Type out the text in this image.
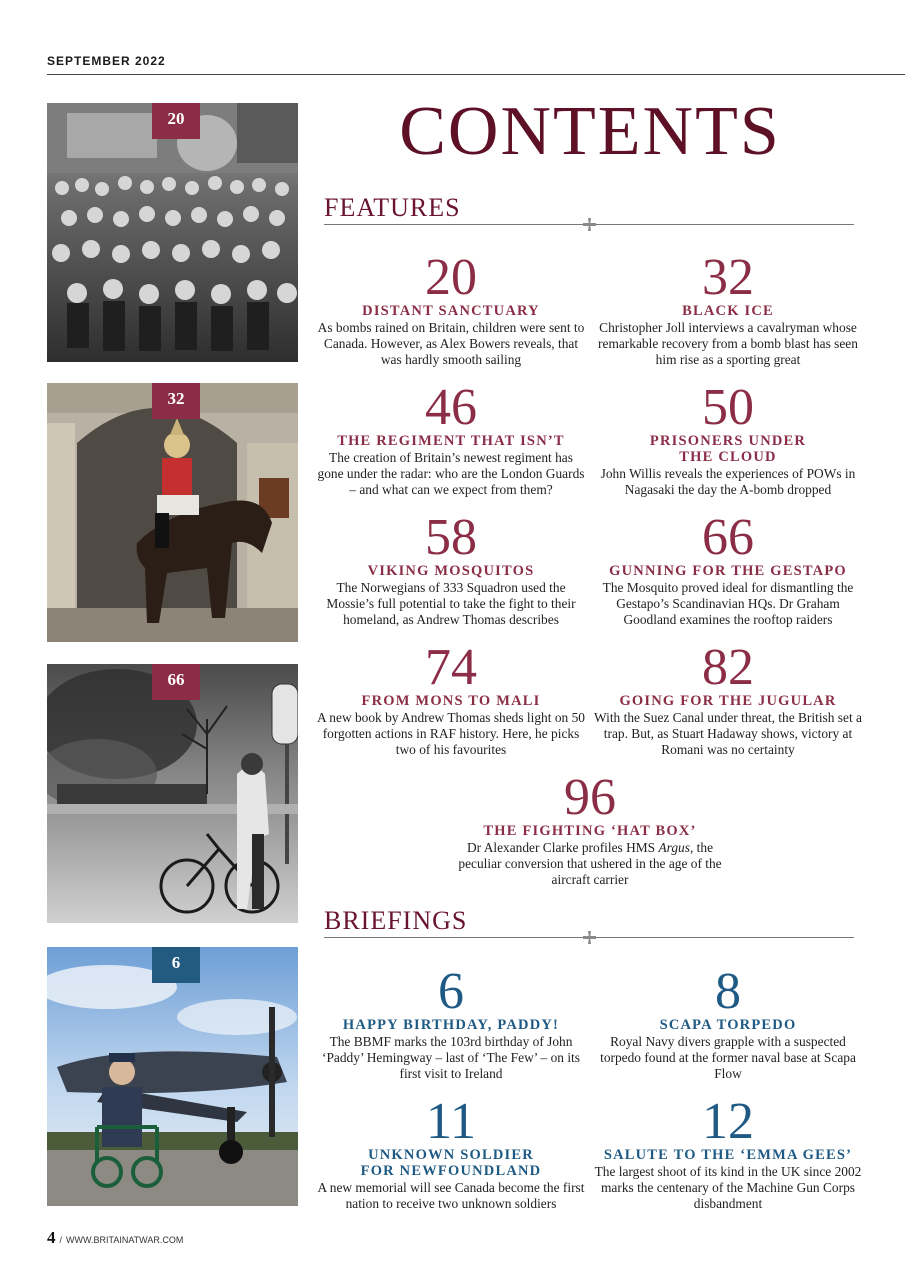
SEPTEMBER 2022
20
32
66
6
CONTENTS
FEATURES
20
DISTANT SANCTUARY
As bombs rained on Britain, children were sent to Canada. However, as Alex Bowers reveals, that was hardly smooth sailing
32
BLACK ICE
Christopher Joll interviews a cavalryman whose remarkable recovery from a bomb blast has seen him rise as a sporting great
46
THE REGIMENT THAT ISN’T
The creation of Britain’s newest regiment has gone under the radar: who are the London Guards – and what can we expect from them?
50
PRISONERS UNDER THE CLOUD
John Willis reveals the experiences of POWs in Nagasaki the day the A-bomb dropped
58
VIKING MOSQUITOS
The Norwegians of 333 Squadron used the Mossie’s full potential to take the fight to their homeland, as Andrew Thomas describes
66
GUNNING FOR THE GESTAPO
The Mosquito proved ideal for dismantling the Gestapo’s Scandinavian HQs. Dr Graham Goodland examines the rooftop raiders
74
FROM MONS TO MALI
A new book by Andrew Thomas sheds light on 50 forgotten actions in RAF history. Here, he picks two of his favourites
82
GOING FOR THE JUGULAR
With the Suez Canal under threat, the British set a trap. But, as Stuart Hadaway shows, victory at Romani was no certainty
96
THE FIGHTING ‘HAT BOX’
Dr Alexander Clarke profiles HMS Argus, the peculiar conversion that ushered in the age of the aircraft carrier
BRIEFINGS
6
HAPPY BIRTHDAY, PADDY!
The BBMF marks the 103rd birthday of John ‘Paddy’ Hemingway – last of ‘The Few’ – on its first visit to Ireland
8
SCAPA TORPEDO
Royal Navy divers grapple with a suspected torpedo found at the former naval base at Scapa Flow
11
UNKNOWN SOLDIER FOR NEWFOUNDLAND
A new memorial will see Canada become the first nation to receive two unknown soldiers
12
SALUTE TO THE ‘EMMA GEES’
The largest shoot of its kind in the UK since 2002 marks the centenary of the Machine Gun Corps disbandment
4 / WWW.BRITAINATWAR.COM
